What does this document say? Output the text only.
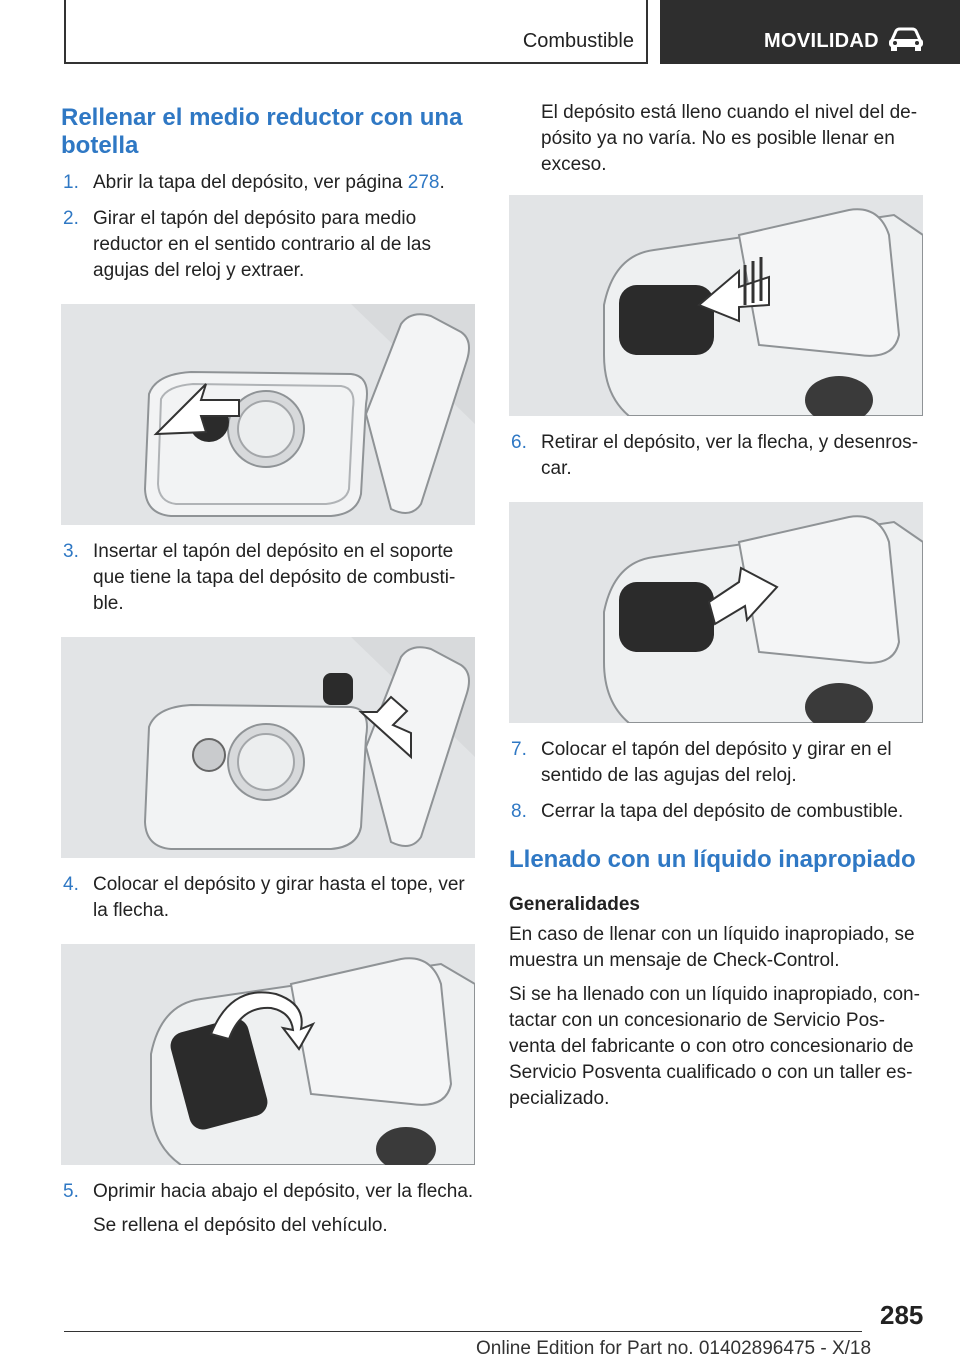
Combustible	MOVILIDAD
Rellenar el medio reductor con una botella
1. Abrir la tapa del depósito, ver página 278.
2. Girar el tapón del depósito para medio reductor en el sentido contrario al de las agujas del reloj y extraer.
3. Insertar el tapón del depósito en el soporte que tiene la tapa del depósito de combustible.
4. Colocar el depósito y girar hasta el tope, ver la flecha.
5. Oprimir hacia abajo el depósito, ver la flecha.

Se rellena el depósito del vehículo.

El depósito está lleno cuando el nivel del depósito ya no varía. No es posible llenar en exceso.

6. Retirar el depósito, ver la flecha, y desenroscar.
7. Colocar el tapón del depósito y girar en el sentido de las agujas del reloj.
8. Cerrar la tapa del depósito de combustible.
Llenado con un líquido inapropiado
Generalidades

En caso de llenar con un líquido inapropiado, se muestra un mensaje de Check-Control.

Si se ha llenado con un líquido inapropiado, contactar con un concesionario de Servicio Posventa del fabricante o con otro concesionario de Servicio Posventa cualificado o con un taller especializado.

285
Online Edition for Part no. 01402896475 - X/18
